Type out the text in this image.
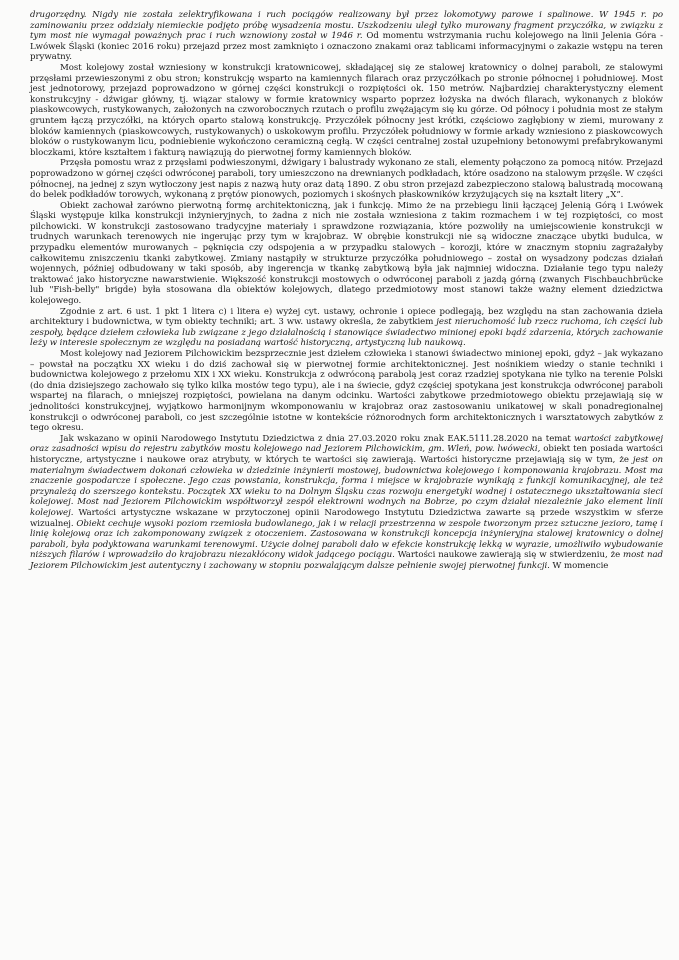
drugorzędny. Nigdy nie została zelektryfikowana i ruch pociągów realizowany był przez lokomotywy parowe i spalinowe. W 1945 r. po zaminowaniu przez oddziały niemieckie podjęto próbę wysadzenia mostu. Uszkodzeniu uległ tylko murowany fragment przyczółka, w związku z tym most nie wymagał poważnych prac i ruch wznowiony został w 1946 r. Od momentu wstrzymania ruchu kolejowego na linii Jelenia Góra - Lwówek Śląski (koniec 2016 roku) przejazd przez most zamknięto i oznaczono znakami oraz tablicami informacyjnymi o zakazie wstępu na teren prywatny.

Most kolejowy został wzniesiony w konstrukcji kratownicowej, składającej się ze stalowej kratownicy o dolnej paraboli, ze stalowymi przęsłami przewieszonymi z obu stron; konstrukcję wsparto na kamiennych filarach oraz przyczółkach po stronie północnej i południowej. Most jest jednotorowy, przejazd poprowadzono w górnej części konstrukcji o rozpiętości ok. 150 metrów. Najbardziej charakterystyczny element konstrukcyjny - dźwigar główny, tj. wiązar stalowy w formie kratownicy wsparto poprzez łożyska na dwóch filarach, wykonanych z bloków piaskowcowych, rustykowanych, założonych na czworobocznych rzutach o profilu zwężającym się ku górze. Od północy i południa most ze stałym gruntem łączą przyczółki, na których oparto stalową konstrukcję. Przyczółek północny jest krótki, częściowo zagłębiony w ziemi, murowany z bloków kamiennych (piaskowcowych, rustykowanych) o uskokowym profilu. Przyczółek południowy w formie arkady wzniesiono z piaskowcowych bloków o rustykowanym licu, podniebienie wykończono ceramiczną cegłą. W części centralnej został uzupełniony betonowymi prefabrykowanymi bloczkami, które kształtem i fakturą nawiązują do pierwotnej formy kamiennych bloków.

Przęsła pomostu wraz z przęsłami podwieszonymi, dźwigary i balustrady wykonano ze stali, elementy połączono za pomocą nitów. Przejazd poprowadzono w górnej części odwróconej paraboli, tory umieszczono na drewnianych podkładach, które osadzono na stalowym przęśle. W części północnej, na jednej z szyn wytłoczony jest napis z nazwą huty oraz datą 1890. Z obu stron przejazd zabezpieczono stalową balustradą mocowaną do belek podkładów torowych, wykonaną z prętów pionowych, poziomych i skośnych płaskowników krzyżujących się na kształt litery „X”.

Obiekt zachował zarówno pierwotną formę architektoniczną, jak i funkcję. Mimo że na przebiegu linii łączącej Jelenią Górą i Lwówek Śląski występuje kilka konstrukcji inżynieryjnych, to żadna z nich nie została wzniesiona z takim rozmachem i w tej rozpiętości, co most pilchowicki. W konstrukcji zastosowano tradycyjne materiały i sprawdzone rozwiązania, które pozwoliły na umiejscowienie konstrukcji w trudnych warunkach terenowych nie ingerując przy tym w krajobraz. W obrębie konstrukcji nie są widoczne znaczące ubytki budulca, w przypadku elementów murowanych – pęknięcia czy odspojenia a w przypadku stalowych – korozji, które w znacznym stopniu zagrażałyby całkowitemu zniszczeniu tkanki zabytkowej. Zmiany nastąpiły w strukturze przyczółka południowego – został on wysadzony podczas działań wojennych, później odbudowany w taki sposób, aby ingerencja w tkankę zabytkową była jak najmniej widoczna. Działanie tego typu należy traktować jako historyczne nawarstwienie. Większość konstrukcji mostowych o odwróconej paraboli z jazdą górną (zwanych Fischbauchbrücke lub "Fish-belly" brigde) była stosowana dla obiektów kolejowych, dlatego przedmiotowy most stanowi także ważny element dziedzictwa kolejowego.

Zgodnie z art. 6 ust. 1 pkt 1 litera c) i litera e) wyżej cyt. ustawy, ochronie i opiece podlegają, bez względu na stan zachowania dzieła architektury i budownictwa, w tym obiekty techniki; art. 3 ww. ustawy określa, że zabytkiem jest nieruchomość lub rzecz ruchoma, ich części lub zespoły, będące dziełem człowieka lub związane z jego działalnością i stanowiące świadectwo minionej epoki bądź zdarzenia, których zachowanie leży w interesie społecznym ze względu na posiadaną wartość historyczną, artystyczną lub naukową.

Most kolejowy nad Jeziorem Pilchowickim bezsprzecznie jest dziełem człowieka i stanowi świadectwo minionej epoki, gdyż – jak wykazano – powstał na początku XX wieku i do dziś zachował się w pierwotnej formie architektonicznej. Jest nośnikiem wiedzy o stanie techniki i budownictwa kolejowego z przełomu XIX i XX wieku. Konstrukcja z odwróconą parabolą jest coraz rzadziej spotykana nie tylko na terenie Polski (do dnia dzisiejszego zachowało się tylko kilka mostów tego typu), ale i na świecie, gdyż częściej spotykana jest konstrukcja odwróconej paraboli wspartej na filarach, o mniejszej rozpiętości, powielana na danym odcinku. Wartości zabytkowe przedmiotowego obiektu przejawiają się w jednolitości konstrukcyjnej, wyjątkowo harmonijnym wkomponowaniu w krajobraz oraz zastosowaniu unikatowej w skali ponadregionalnej konstrukcji o odwróconej paraboli, co jest szczególnie istotne w kontekście różnorodnych form architektonicznych i warsztatowych zabytków z tego okresu.

Jak wskazano w opinii Narodowego Instytutu Dziedzictwa z dnia 27.03.2020 roku znak EAK.5111.28.2020 na temat wartości zabytkowej oraz zasadności wpisu do rejestru zabytków mostu kolejowego nad Jeziorem Pilchowickim, gm. Wleń, pow. lwówecki, obiekt ten posiada wartości historyczne, artystyczne i naukowe oraz atrybuty, w których te wartości się zawierają. Wartości historyczne przejawiają się w tym, że jest on materialnym świadectwem dokonań człowieka w dziedzinie inżynierii mostowej, budownictwa kolejowego i komponowania krajobrazu. Most ma znaczenie gospodarcze i społeczne. Jego czas powstania, konstrukcja, forma i miejsce w krajobrazie wynikają z funkcji komunikacyjnej, ale też przynależą do szerszego kontekstu. Początek XX wieku to na Dolnym Śląsku czas rozwoju energetyki wodnej i ostatecznego ukształtowania sieci kolejowej. Most nad Jeziorem Pilchowickim współtworzył zespół elektrowni wodnych na Bobrze, po czym działał niezależnie jako element linii kolejowej. Wartości artystyczne wskazane w przytoczonej opinii Narodowego Instytutu Dziedzictwa zawarte są przede wszystkim w sferze wizualnej. Obiekt cechuje wysoki poziom rzemiosła budowlanego, jak i w relacji przestrzenna w zespole tworzonym przez sztuczne jezioro, tamę i linię kolejową oraz ich zakomponowany związek z otoczeniem. Zastosowana w konstrukcji koncepcja inżynieryjna stalowej kratownicy o dolnej paraboli, była podyktowana warunkami terenowymi. Użycie dolnej paraboli dało w efekcie konstrukcję lekką w wyrazie, umożliwiło wybudowanie niższych filarów i wprowadziło do krajobrazu niezakłócony widok jadącego pociągu. Wartości naukowe zawierają się w stwierdzeniu, że most nad Jeziorem Pilchowickim jest autentyczny i zachowany w stopniu pozwalającym dalsze pełnienie swojej pierwotnej funkcji. W momencie
